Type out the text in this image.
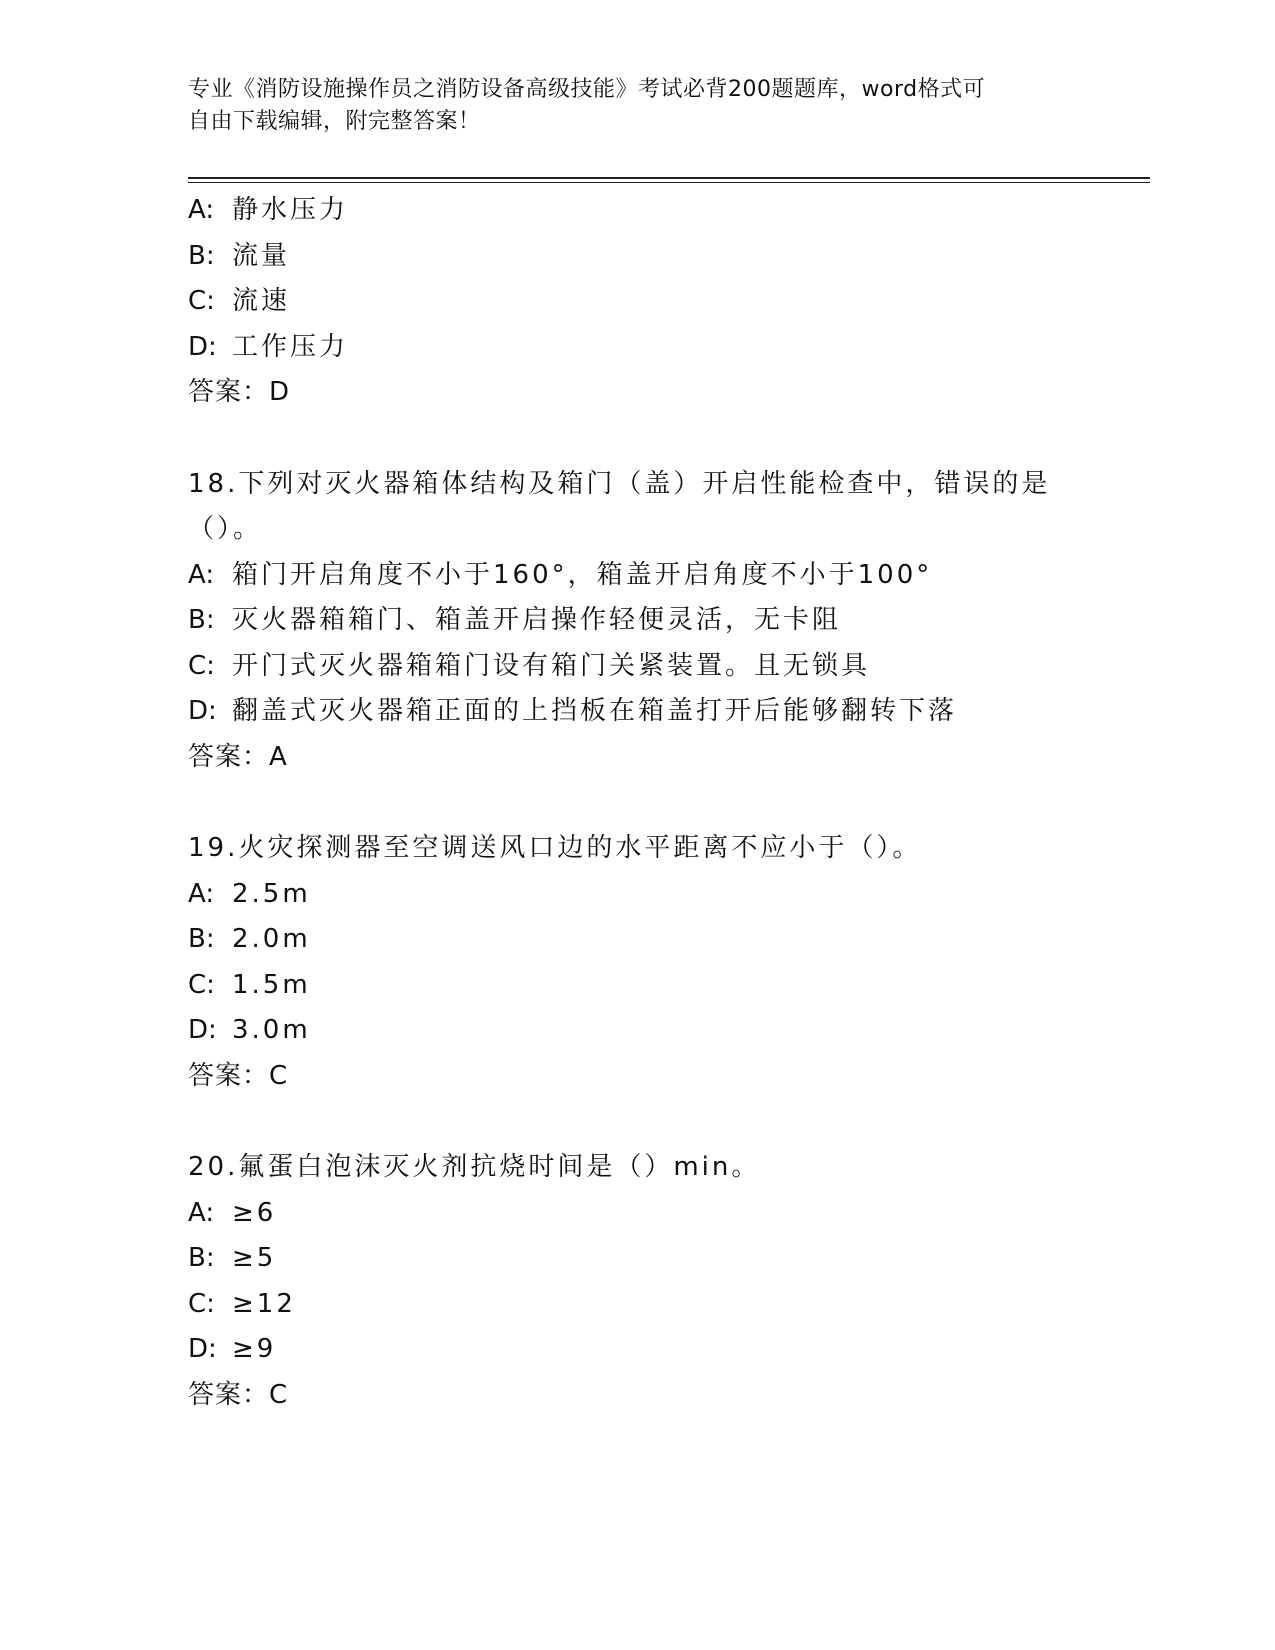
专业《消防设施操作员之消防设备高级技能》考试必背200题题库，word格式可
自由下载编辑，附完整答案！
A: 静水压力
B: 流量
C: 流速
D: 工作压力
答案：D
18.下列对灭火器箱体结构及箱门（盖）开启性能检查中，错误的是（）。
A: 箱门开启角度不小于160°，箱盖开启角度不小于100°
B: 灭火器箱箱门、箱盖开启操作轻便灵活，无卡阻
C: 开门式灭火器箱箱门设有箱门关紧装置。且无锁具
D: 翻盖式灭火器箱正面的上挡板在箱盖打开后能够翻转下落
答案：A
19.火灾探测器至空调送风口边的水平距离不应小于（）。
A: 2.5m
B: 2.0m
C: 1.5m
D: 3.0m
答案：C
20.氟蛋白泡沫灭火剂抗烧时间是（）min。
A: ≥6
B: ≥5
C: ≥12
D: ≥9
答案：C
